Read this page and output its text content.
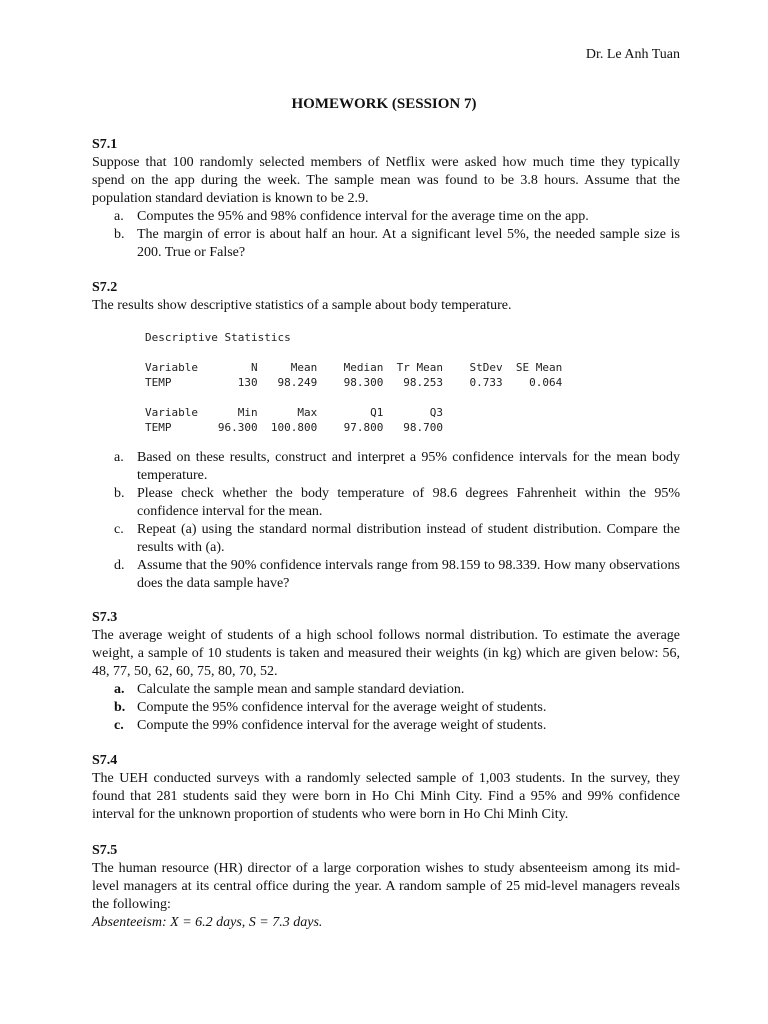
Dr. Le Anh Tuan
HOMEWORK (SESSION 7)
S7.1

Suppose that 100 randomly selected members of Netflix were asked how much time they typically spend on the app during the week. The sample mean was found to be 3.8 hours. Assume that the population standard deviation is known to be 2.9.

a. Computes the 95% and 98% confidence interval for the average time on the app.
b. The margin of error is about half an hour. At a significant level 5%, the needed sample size is 200. True or False?
S7.2

The results show descriptive statistics of a sample about body temperature.

Descriptive Statistics

Variable        N     Mean    Median  Tr Mean    StDev  SE Mean
TEMP          130   98.249    98.300   98.253    0.733    0.064

Variable      Min      Max        Q1       Q3
TEMP       96.300  100.800    97.800   98.700
a. Based on these results, construct and interpret a 95% confidence intervals for the mean body temperature.
b. Please check whether the body temperature of 98.6 degrees Fahrenheit within the 95% confidence interval for the mean.
c. Repeat (a) using the standard normal distribution instead of student distribution. Compare the results with (a).
d. Assume that the 90% confidence intervals range from 98.159 to 98.339. How many observations does the data sample have?
S7.3

The average weight of students of a high school follows normal distribution. To estimate the average weight, a sample of 10 students is taken and measured their weights (in kg) which are given below: 56, 48, 77, 50, 62, 60, 75, 80, 70, 52.

a. Calculate the sample mean and sample standard deviation.
b. Compute the 95% confidence interval for the average weight of students.
c. Compute the 99% confidence interval for the average weight of students.
S7.4

The UEH conducted surveys with a randomly selected sample of 1,003 students. In the survey, they found that 281 students said they were born in Ho Chi Minh City. Find a 95% and 99% confidence interval for the unknown proportion of students who were born in Ho Chi Minh City.

S7.5

The human resource (HR) director of a large corporation wishes to study absenteeism among its mid-level managers at its central office during the year. A random sample of 25 mid-level managers reveals the following:

Absenteeism: X = 6.2 days, S = 7.3 days.
